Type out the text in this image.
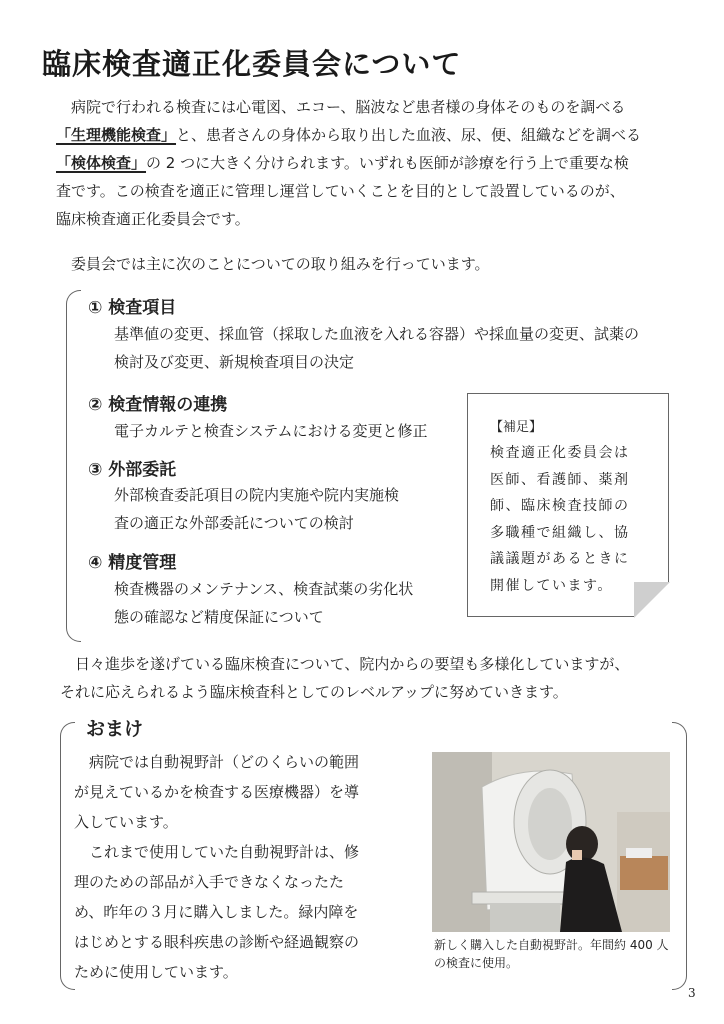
臨床検査適正化委員会について
　病院で行われる検査には心電図、エコー、脳波など患者様の身体そのものを調べる
「生理機能検査」と、患者さんの身体から取り出した血液、尿、便、組織などを調べる
「検体検査」の 2 つに大きく分けられます。いずれも医師が診療を行う上で重要な検
査です。この検査を適正に管理し運営していくことを目的として設置しているのが、
臨床検査適正化委員会です。
　委員会では主に次のことについての取り組みを行っています。
① 検査項目
基準値の変更、採血管（採取した血液を入れる容器）や採血量の変更、試薬の
検討及び変更、新規検査項目の決定
② 検査情報の連携
電子カルテと検査システムにおける変更と修正
③ 外部委託
外部検査委託項目の院内実施や院内実施検
査の適正な外部委託についての検討
④ 精度管理
検査機器のメンテナンス、検査試薬の劣化状
態の確認など精度保証について
【補足】
検査適正化委員会は
医師、看護師、薬剤
師、臨床検査技師の
多職種で組織し、協
議議題があるときに
開催しています。
　日々進歩を遂げている臨床検査について、院内からの要望も多様化していますが、
それに応えられるよう臨床検査科としてのレベルアップに努めていきます。
おまけ
　病院では自動視野計（どのくらいの範囲
が見えているかを検査する医療機器）を導
入しています。
　これまで使用していた自動視野計は、修
理のための部品が入手できなくなったた
め、昨年の３月に購入しました。緑内障を
はじめとする眼科疾患の診断や経過観察の
ために使用しています。
新しく購入した自動視野計。年間約 400 人
の検査に使用。
3
